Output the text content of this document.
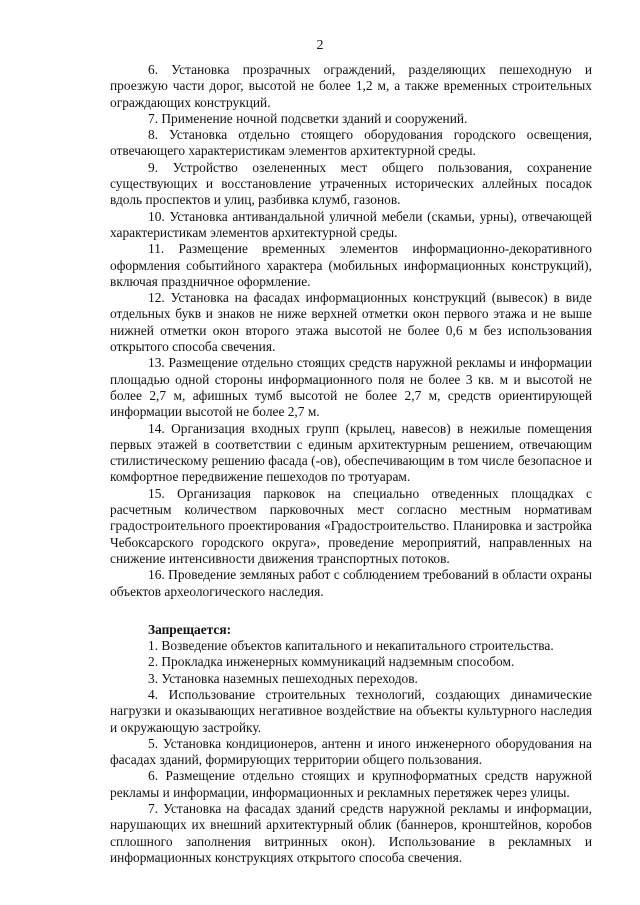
2

6. Установка прозрачных ограждений, разделяющих пешеходную и проезжую части дорог, высотой не более 1,2 м, а также временных строительных ограждающих конструкций.

7. Применение ночной подсветки зданий и сооружений.

8. Установка отдельно стоящего оборудования городского освещения, отвечающего характеристикам элементов архитектурной среды.

9. Устройство озелененных мест общего пользования, сохранение существующих и восстановление утраченных исторических аллейных посадок вдоль проспектов и улиц, разбивка клумб, газонов.

10. Установка антивандальной уличной мебели (скамьи, урны), отвечающей характеристикам элементов архитектурной среды.

11. Размещение временных элементов информационно-декоративного оформления событийного характера (мобильных информационных конструкций), включая праздничное оформление.

12. Установка на фасадах информационных конструкций (вывесок) в виде отдельных букв и знаков не ниже верхней отметки окон первого этажа и не выше нижней отметки окон второго этажа высотой не более 0,6 м без использования открытого способа свечения.

13. Размещение отдельно стоящих средств наружной рекламы и информации площадью одной стороны информационного поля не более 3 кв. м и высотой не более 2,7 м, афишных тумб высотой не более 2,7 м, средств ориентирующей информации высотой не более 2,7 м.

14. Организация входных групп (крылец, навесов) в нежилые помещения первых этажей в соответствии с единым архитектурным решением, отвечающим стилистическому решению фасада (-ов), обеспечивающим в том числе безопасное и комфортное передвижение пешеходов по тротуарам.

15. Организация парковок на специально отведенных площадках с расчетным количеством парковочных мест согласно местным нормативам градостроительного проектирования «Градостроительство. Планировка и застройка Чебоксарского городского округа», проведение мероприятий, направленных на снижение интенсивности движения транспортных потоков.

16. Проведение земляных работ с соблюдением требований в области охраны объектов археологического наследия.

Запрещается:

1. Возведение объектов капитального и некапитального строительства.

2. Прокладка инженерных коммуникаций надземным способом.

3. Установка наземных пешеходных переходов.

4. Использование строительных технологий, создающих динамические нагрузки и оказывающих негативное воздействие на объекты культурного наследия и окружающую застройку.

5. Установка кондиционеров, антенн и иного инженерного оборудования на фасадах зданий, формирующих территории общего пользования.

6. Размещение отдельно стоящих и крупноформатных средств наружной рекламы и информации, информационных и рекламных перетяжек через улицы.

7. Установка на фасадах зданий средств наружной рекламы и информации, нарушающих их внешний архитектурный облик (баннеров, кронштейнов, коробов сплошного заполнения витринных окон). Использование в рекламных и информационных конструкциях открытого способа свечения.
